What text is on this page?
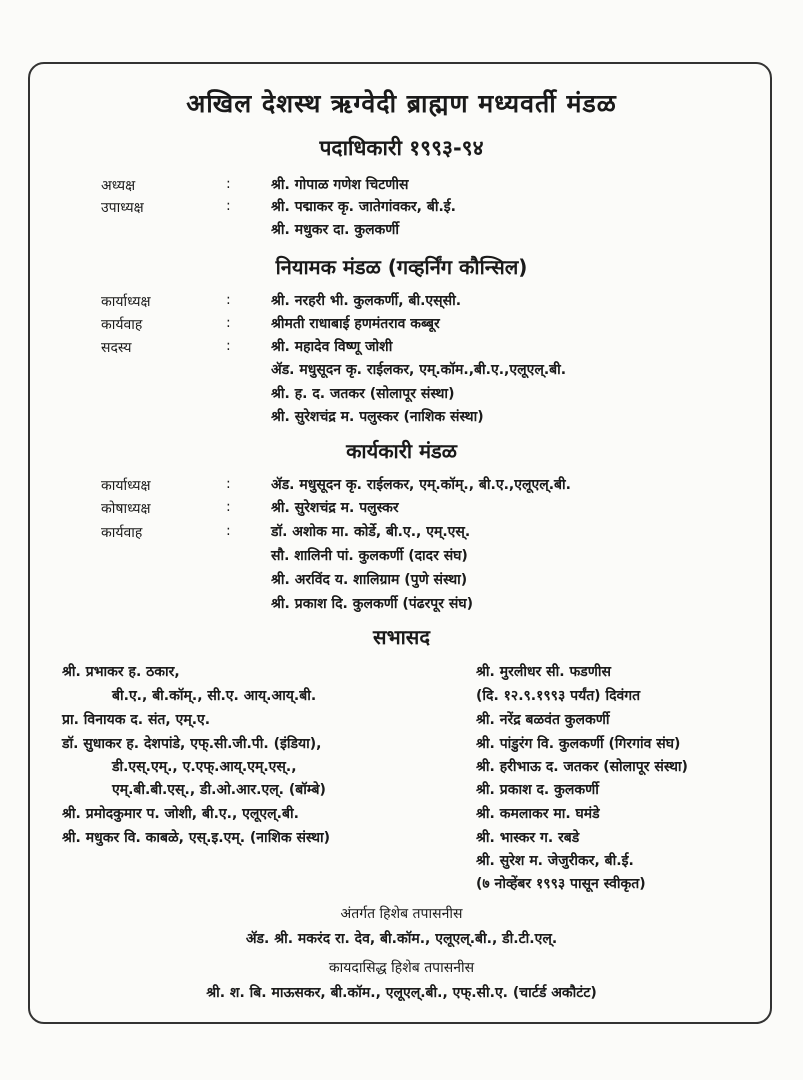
अखिल देशस्थ ऋग्वेदी ब्राह्मण मध्यवर्ती मंडळ
पदाधिकारी १९९३-९४
अध्यक्ष	:	श्री. गोपाळ गणेश चिटणीस
उपाध्यक्ष	:	श्री. पद्माकर कृ. जातेगांवकर, बी.ई.
श्री. मधुकर दा. कुलकर्णी
नियामक मंडळ (गव्हर्निंग कौन्सिल)
कार्याध्यक्ष	:	श्री. नरहरी भी. कुलकर्णी, बी.एस्‌सी.
कार्यवाह	:	श्रीमती राधाबाई हणमंतराव कब्बूर
सदस्य	:	श्री. महादेव विष्णू जोशी
ॲड. मधुसूदन कृ. राईलकर, एम्‌.कॉम.,बी.ए.,एलूएल्‌.बी.
श्री. ह. द. जतकर (सोलापूर संस्था)
श्री. सुरेशचंद्र म. पलुस्कर (नाशिक संस्था)
कार्यकारी मंडळ
कार्याध्यक्ष	:	ॲड. मधुसूदन कृ. राईलकर, एम्‌.कॉम्‌., बी.ए.,एलूएल्‌.बी.
कोषाध्यक्ष	:	श्री. सुरेशचंद्र म. पलुस्कर
कार्यवाह	:	डॉ. अशोक मा. कोर्डे, बी.ए., एम्‌.एस्‌.
सौ. शालिनी पां. कुलकर्णी (दादर संघ)
श्री. अरविंद य. शालिग्राम (पुणे संस्था)
श्री. प्रकाश दि. कुलकर्णी (पंढरपूर संघ)
सभासद
श्री. प्रभाकर ह. ठकार,
बी.ए., बी.कॉम्‌., सी.ए. आय्‌.आय्‌.बी.
प्रा. विनायक द. संत, एम्‌.ए.
डॉ. सुधाकर ह. देशपांडे, एफ्‌.सी.जी.पी. (इंडिया),
डी.एस्‌.एम्‌., ए.एफ्‌.आय्‌.एम्‌.एस्‌.,
एम्‌.बी.बी.एस्‌., डी.ओ.आर.एल्‌. (बॉम्बे)
श्री. प्रमोदकुमार प. जोशी, बी.ए., एलूएल्‌.बी.
श्री. मधुकर वि. काबळे, एस्‌.इ.एम्‌. (नाशिक संस्था)
श्री. मुरलीधर सी. फडणीस
(दि. १२.९.१९९३ पर्यंत) दिवंगत
श्री. नरेंद्र बळवंत कुलकर्णी
श्री. पांडुरंग वि. कुलकर्णी (गिरगांव संघ)
श्री. हरीभाऊ द. जतकर (सोलापूर संस्था)
श्री. प्रकाश द. कुलकर्णी
श्री. कमलाकर मा. घमंडे
श्री. भास्कर ग. रबडे
श्री. सुरेश म. जेजुरीकर, बी.ई.
(७ नोव्हेंबर १९९३ पासून स्वीकृत)
अंतर्गत हिशेब तपासनीस
ॲड. श्री. मकरंद रा. देव, बी.कॉम., एलूएल्‌.बी., डी.टी.एल्‌.
कायदासिद्ध हिशेब तपासनीस
श्री. श. बि. माऊसकर, बी.कॉम., एलूएल्‌.बी., एफ्‌.सी.ए. (चार्टर्ड अकौटंट)
